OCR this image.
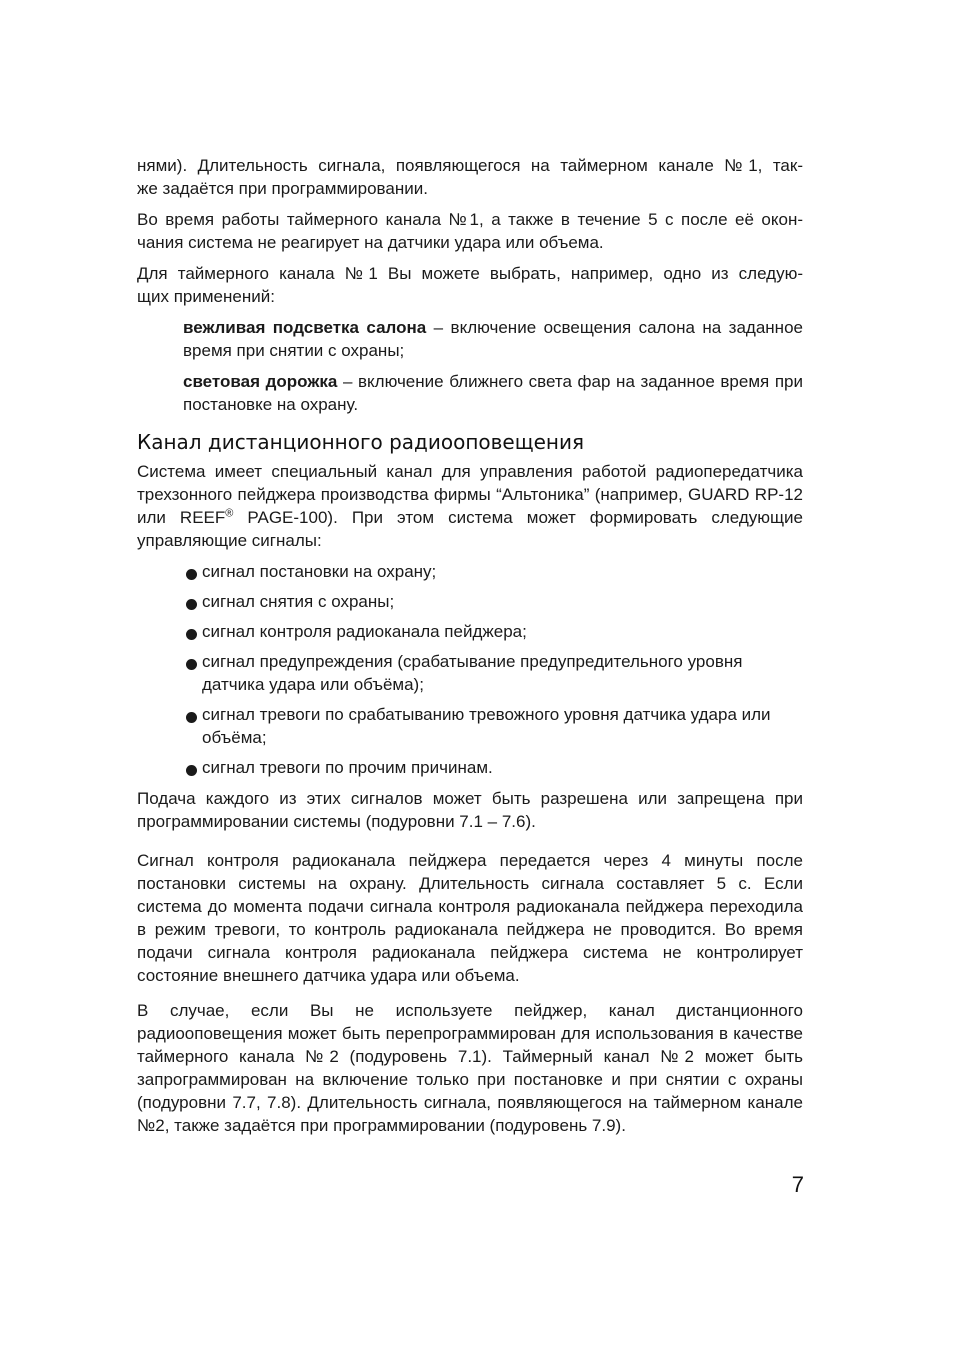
нями). Длительность сигнала, появляющегося на таймерном канале №1, так-
же задаётся при программировании.

Во время работы таймерного канала №1, а также в течение 5 с после её окон-
чания система не реагирует на датчики удара или объема.

Для таймерного канала №1 Вы можете выбрать, например, одно из следую-
щих применений:

вежливая подсветка салона – включение освещения салона на заданное время при снятии с охраны;

световая дорожка – включение ближнего света фар на заданное время при постановке на охрану.

Канал дистанционного радиооповещения

Система имеет специальный канал для управления работой радиопередатчика трехзонного пейджера производства фирмы “Альтоника” (например, GUARD RP-12 или REEF® PAGE-100). При этом система может формировать следующие управляющие сигналы:

сигнал постановки на охрану;
сигнал снятия с охраны;
сигнал контроля радиоканала пейджера;
сигнал предупреждения (срабатывание предупредительного уровня датчика удара или объёма);
сигнал тревоги по срабатыванию тревожного уровня датчика удара или объёма;
сигнал тревоги по прочим причинам.

Подача каждого из этих сигналов может быть разрешена или запрещена при программировании системы (подуровни 7.1 – 7.6).

Сигнал контроля радиоканала пейджера передается через 4 минуты после постановки системы на охрану. Длительность сигнала составляет 5 с. Если система до момента подачи сигнала контроля радиоканала пейджера переходила в режим тревоги, то контроль радиоканала пейджера не проводится. Во время подачи сигнала контроля радиоканала пейджера система не контролирует состояние внешнего датчика удара или объема.

В случае, если Вы не используете пейджер, канал дистанционного радиооповещения может быть перепрограммирован для использования в качестве таймерного канала №2 (подуровень 7.1). Таймерный канал №2 может быть запрограммирован на включение только при постановке и при снятии с охраны (подуровни 7.7, 7.8). Длительность сигнала, появляющегося на таймерном канале №2, также задаётся при программировании (подуровень 7.9).

7
